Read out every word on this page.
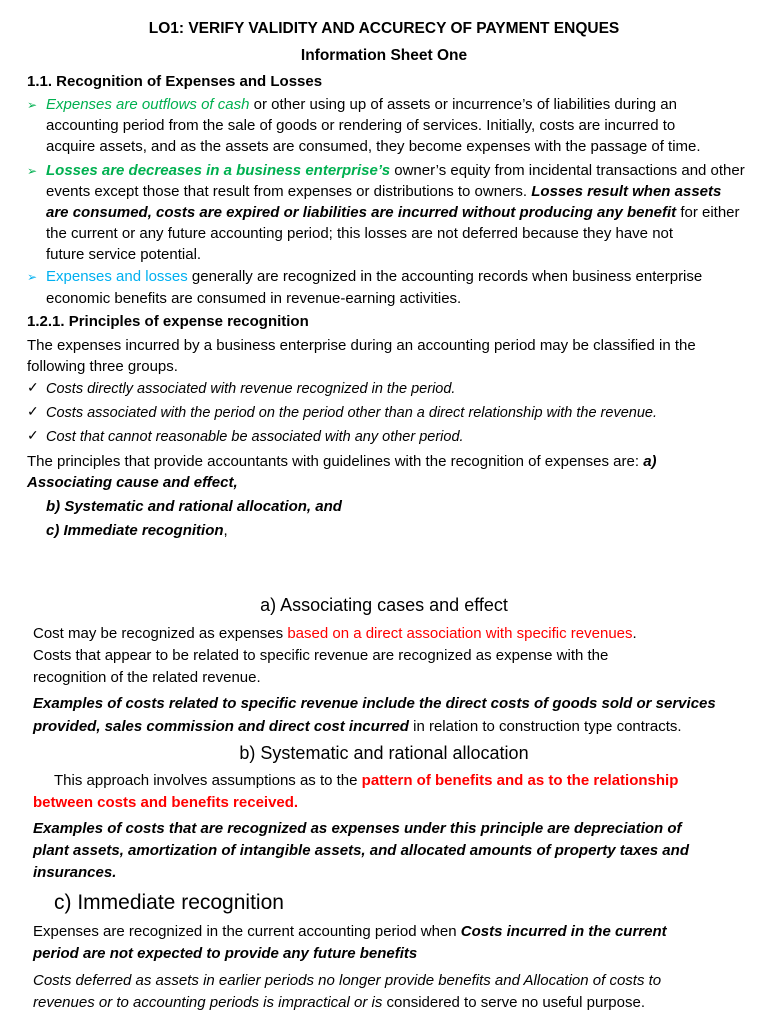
LO1: VERIFY VALIDITY AND ACCURECY OF PAYMENT ENQUES
Information Sheet One
1.1. Recognition of Expenses and Losses
➢ Expenses are outflows of cash or other using up of assets or incurrence’s of liabilities during an
accounting period from the sale of goods or rendering of services. Initially, costs are incurred to
acquire assets, and as the assets are consumed, they become expenses with the passage of time.
➢ Losses are decreases in a business enterprise’s owner’s equity from incidental transactions and other
events except those that result from expenses or distributions to owners. Losses result when assets
are consumed, costs are expired or liabilities are incurred without producing any benefit for either
the current or any future accounting period; this losses are not deferred because they have not
future service potential.
➢ Expenses and losses generally are recognized in the accounting records when business enterprise
economic benefits are consumed in revenue-earning activities.
1.2.1. Principles of expense recognition
The expenses incurred by a business enterprise during an accounting period may be classified in the
following three groups.
✓ Costs directly associated with revenue recognized in the period.
✓ Costs associated with the period on the period other than a direct relationship with the revenue.
✓ Cost that cannot reasonable be associated with any other period.
The principles that provide accountants with guidelines with the recognition of expenses are: a)
Associating cause and effect,
b) Systematic and rational allocation, and
c) Immediate recognition,
a) Associating cases and effect
Cost may be recognized as expenses based on a direct association with specific revenues.
Costs that appear to be related to specific revenue are recognized as expense with the
recognition of the related revenue.
Examples of costs related to specific revenue include the direct costs of goods sold or services
provided, sales commission and direct cost incurred in relation to construction type contracts.
b) Systematic and rational allocation
This approach involves assumptions as to the pattern of benefits and as to the relationship
between costs and benefits received.
Examples of costs that are recognized as expenses under this principle are depreciation of
plant assets, amortization of intangible assets, and allocated amounts of property taxes and
insurances.
c) Immediate recognition
Expenses are recognized in the current accounting period when Costs incurred in the current
period are not expected to provide any future benefits
Costs deferred as assets in earlier periods no longer provide benefits and Allocation of costs to
revenues or to accounting periods is impractical or is considered to serve no useful purpose.
